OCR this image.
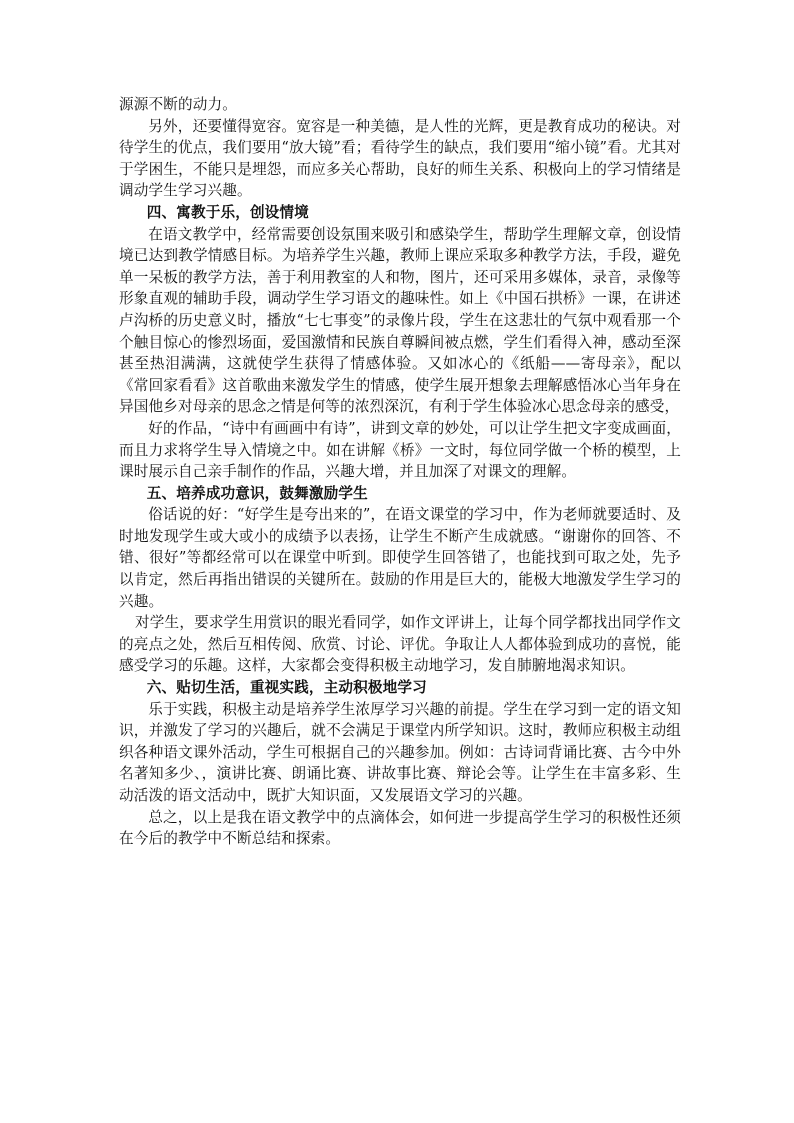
源源不断的动力。

另外，还要懂得宽容。宽容是一种美德，是人性的光辉，更是教育成功的秘诀。对待学生的优点，我们要用“放大镜”看；看待学生的缺点，我们要用“缩小镜”看。尤其对于学困生，不能只是埋怨，而应多关心帮助，良好的师生关系、积极向上的学习情绪是调动学生学习兴趣。

四、寓教于乐，创设情境

在语文教学中，经常需要创设氛围来吸引和感染学生，帮助学生理解文章，创设情境已达到教学情感目标。为培养学生兴趣，教师上课应采取多种教学方法，手段，避免单一呆板的教学方法，善于利用教室的人和物，图片，还可采用多媒体，录音，录像等形象直观的辅助手段，调动学生学习语文的趣味性。如上《中国石拱桥》一课，在讲述卢沟桥的历史意义时，播放“七七事变”的录像片段，学生在这悲壮的气氛中观看那一个个触目惊心的惨烈场面，爱国激情和民族自尊瞬间被点燃，学生们看得入神，感动至深甚至热泪满满，这就使学生获得了情感体验。又如冰心的《纸船——寄母亲》，配以《常回家看看》这首歌曲来激发学生的情感，使学生展开想象去理解感悟冰心当年身在异国他乡对母亲的思念之情是何等的浓烈深沉，有利于学生体验冰心思念母亲的感受，

好的作品，“诗中有画画中有诗”，讲到文章的妙处，可以让学生把文字变成画面，而且力求将学生导入情境之中。如在讲解《桥》一文时，每位同学做一个桥的模型，上课时展示自己亲手制作的作品，兴趣大增，并且加深了对课文的理解。

五、培养成功意识，鼓舞激励学生

俗话说的好：“好学生是夸出来的”，在语文课堂的学习中，作为老师就要适时、及时地发现学生或大或小的成绩予以表扬，让学生不断产生成就感。“谢谢你的回答、不错、很好”等都经常可以在课堂中听到。即使学生回答错了，也能找到可取之处，先予以肯定，然后再指出错误的关键所在。鼓励的作用是巨大的，能极大地激发学生学习的兴趣。

对学生，要求学生用赏识的眼光看同学，如作文评讲上，让每个同学都找出同学作文的亮点之处，然后互相传阅、欣赏、讨论、评优。争取让人人都体验到成功的喜悦，能感受学习的乐趣。这样，大家都会变得积极主动地学习，发自肺腑地渴求知识。

六、贴切生活，重视实践，主动积极地学习

乐于实践，积极主动是培养学生浓厚学习兴趣的前提。学生在学习到一定的语文知识，并激发了学习的兴趣后，就不会满足于课堂内所学知识。这时，教师应积极主动组织各种语文课外活动，学生可根据自己的兴趣参加。例如：古诗词背诵比赛、古今中外名著知多少、，演讲比赛、朗诵比赛、讲故事比赛、辩论会等。让学生在丰富多彩、生动活泼的语文活动中，既扩大知识面，又发展语文学习的兴趣。

总之，以上是我在语文教学中的点滴体会，如何进一步提高学生学习的积极性还须在今后的教学中不断总结和探索。
